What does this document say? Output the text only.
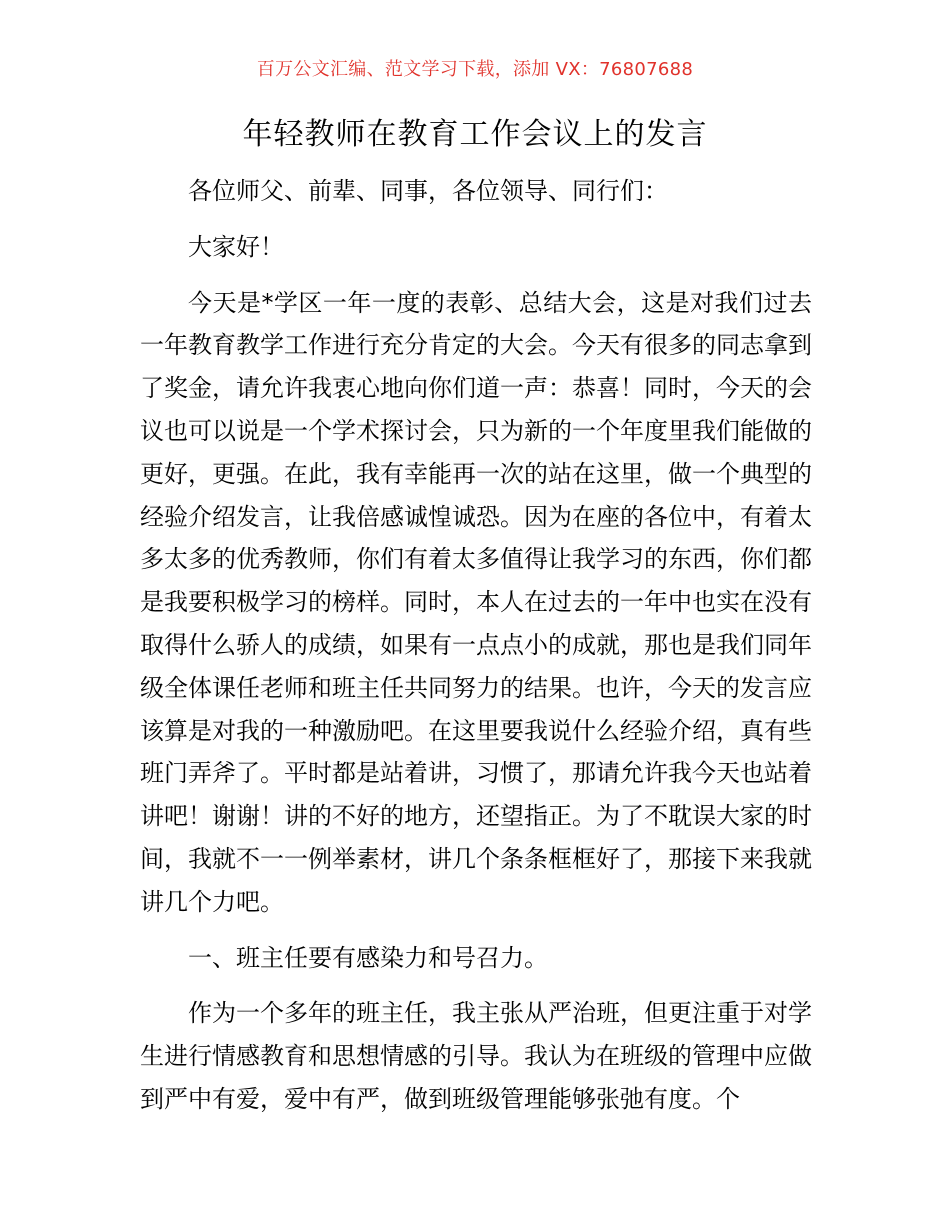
百万公文汇编、范文学习下载，添加 VX：76807688
年轻教师在教育工作会议上的发言

各位师父、前辈、同事，各位领导、同行们：

大家好！

今天是*学区一年一度的表彰、总结大会，这是对我们过去一年教育教学工作进行充分肯定的大会。今天有很多的同志拿到了奖金，请允许我衷心地向你们道一声：恭喜！同时，今天的会议也可以说是一个学术探讨会，只为新的一个年度里我们能做的更好，更强。在此，我有幸能再一次的站在这里，做一个典型的经验介绍发言，让我倍感诚惶诚恐。因为在座的各位中，有着太多太多的优秀教师，你们有着太多值得让我学习的东西，你们都是我要积极学习的榜样。同时，本人在过去的一年中也实在没有取得什么骄人的成绩，如果有一点点小的成就，那也是我们同年级全体课任老师和班主任共同努力的结果。也许，今天的发言应该算是对我的一种激励吧。在这里要我说什么经验介绍，真有些班门弄斧了。平时都是站着讲，习惯了，那请允许我今天也站着讲吧！谢谢！讲的不好的地方，还望指正。为了不耽误大家的时间，我就不一一例举素材，讲几个条条框框好了，那接下来我就讲几个力吧。

一、班主任要有感染力和号召力。

作为一个多年的班主任，我主张从严治班，但更注重于对学生进行情感教育和思想情感的引导。我认为在班级的管理中应做到严中有爱，爱中有严，做到班级管理能够张弛有度。个
